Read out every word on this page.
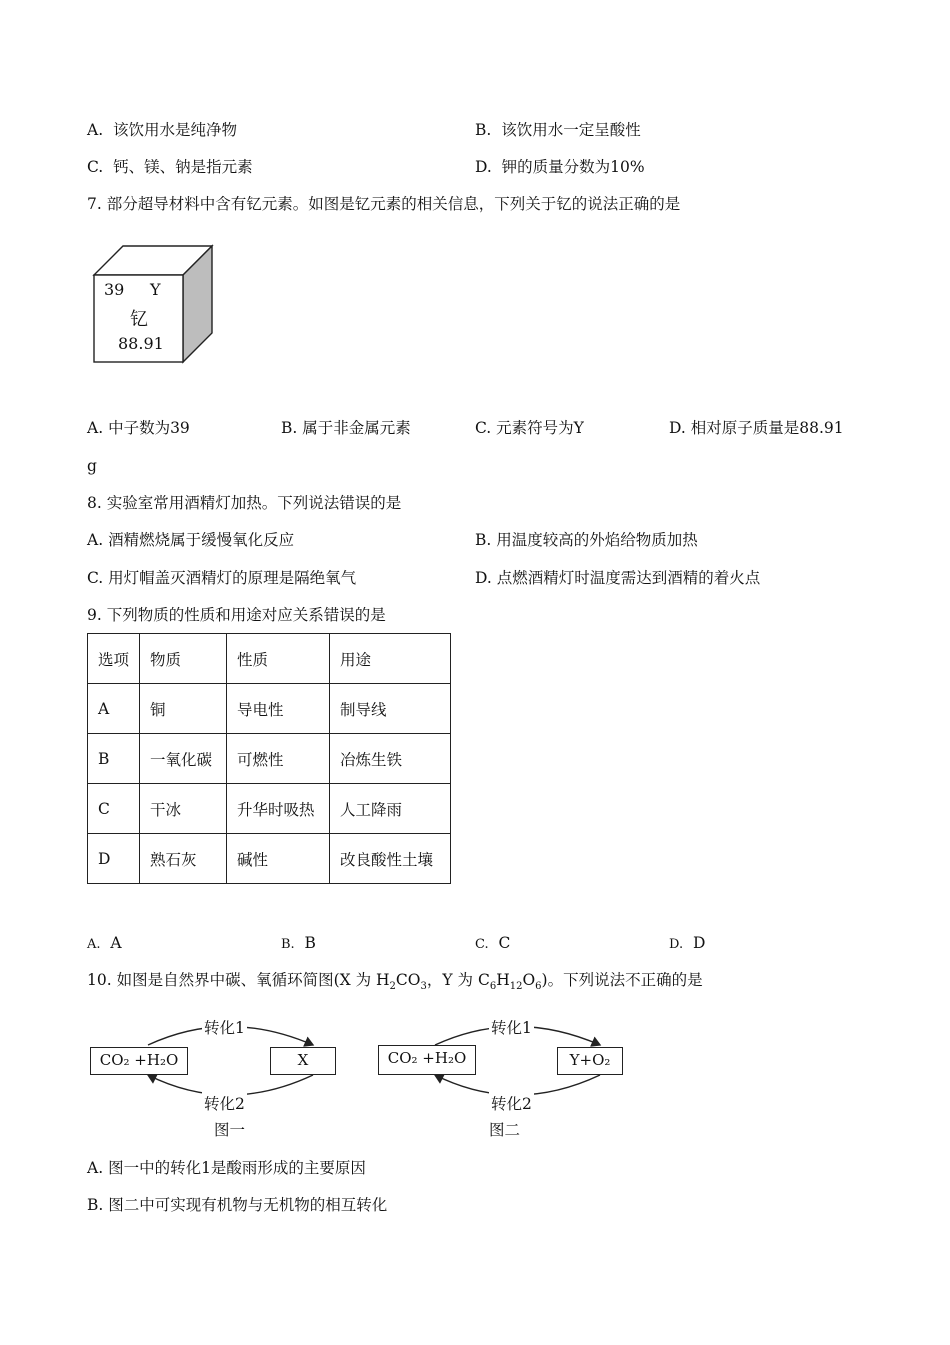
A. 该饮用水是纯净物	B. 该饮用水一定呈酸性
C. 钙、镁、钠是指元素	D. 钾的质量分数为10%
7. 部分超导材料中含有钇元素。如图是钇元素的相关信息，下列关于钇的说法正确的是
39 Y
钇
88.91
A. 中子数为39	B. 属于非金属元素	C. 元素符号为Y	D. 相对原子质量是88.91
g
8. 实验室常用酒精灯加热。下列说法错误的是
A. 酒精燃烧属于缓慢氧化反应	B. 用温度较高的外焰给物质加热
C. 用灯帽盖灭酒精灯的原理是隔绝氧气	D. 点燃酒精灯时温度需达到酒精的着火点
9. 下列物质的性质和用途对应关系错误的是
选项	物质	性质	用途
A	铜	导电性	制导线
B	一氧化碳	可燃性	冶炼生铁
C	干冰	升华时吸热	人工降雨
D	熟石灰	碱性	改良酸性土壤
A. A	B. B	C. C	D. D
10. 如图是自然界中碳、氧循环简图(X 为 $H_2CO_3$，Y 为 $C_6H_{12}O_6$)。下列说法不正确的是
CO₂ +H₂O	X
转化1
转化2
图一
CO₂ +H₂O	Y+O₂
转化1
转化2
图二
A. 图一中的转化1是酸雨形成的主要原因
B. 图二中可实现有机物与无机物的相互转化
